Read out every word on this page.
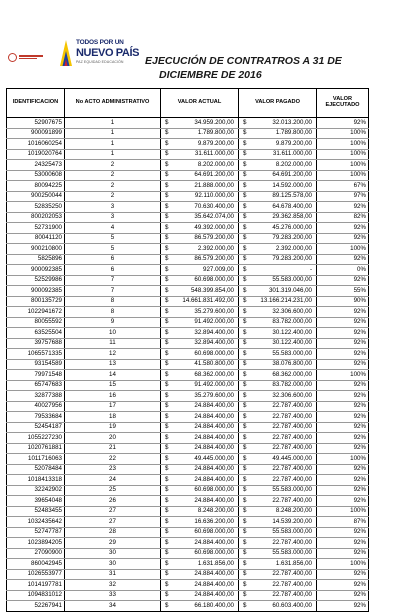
TODOS POR UN
NUEVO PAÍS
PAZ EQUIDAD EDUCACIÓN EJECUCIÓN DE CONTRATROS A 31 DE
DICIEMBRE DE 2016
IDENTIFICACION	No ACTO ADMINISTRATIVO	VALOR ACTUAL	VALOR PAGADO	VALOR EJECUTADO
52907675	1	$ 34.959.200,00	$ 32.013.200,00	92%
900091899	1	$ 1.789.800,00	$ 1.789.800,00	100%
1016060254	1	$ 9.879.200,00	$ 9.879.200,00	100%
1019020764	1	$ 31.611.000,00	$ 31.611.000,00	100%
24325473	2	$ 8.202.000,00	$ 8.202.000,00	100%
53000608	2	$ 64.691.200,00	$ 64.691.200,00	100%
80094225	2	$ 21.888.000,00	$ 14.592.000,00	67%
900250044	2	$ 92.110.000,00	$ 89.125.578,00	97%
52835250	3	$ 70.630.400,00	$ 64.678.400,00	92%
800202053	3	$ 35.642.074,00	$ 29.362.858,00	82%
52731900	4	$ 49.392.000,00	$ 45.276.000,00	92%
80041120	5	$ 86.579.200,00	$ 79.283.200,00	92%
900210800	5	$ 2.392.000,00	$ 2.392.000,00	100%
5825896	6	$ 86.579.200,00	$ 79.283.200,00	92%
900092385	6	$ 927.009,00	$ -	0%
52529986	7	$ 60.698.000,00	$ 55.583.000,00	92%
900092385	7	$ 548.399.854,00	$ 301.319.046,00	55%
800135729	8	$ 14.661.831.492,00	$ 13.166.214.231,00	90%
1022941672	8	$ 35.279.600,00	$ 32.306.600,00	92%
80055592	9	$ 91.492.000,00	$ 83.782.000,00	92%
63525504	10	$ 32.894.400,00	$ 30.122.400,00	92%
39757688	11	$ 32.894.400,00	$ 30.122.400,00	92%
1065571335	12	$ 60.698.000,00	$ 55.583.000,00	92%
93154589	13	$ 41.580.800,00	$ 38.076.800,00	92%
79971548	14	$ 68.362.000,00	$ 68.362.000,00	100%
65747683	15	$ 91.492.000,00	$ 83.782.000,00	92%
32877388	16	$ 35.279.600,00	$ 32.306.600,00	92%
40027956	17	$ 24.884.400,00	$ 22.787.400,00	92%
79533684	18	$ 24.884.400,00	$ 22.787.400,00	92%
52454187	19	$ 24.884.400,00	$ 22.787.400,00	92%
1055227230	20	$ 24.884.400,00	$ 22.787.400,00	92%
1020761881	21	$ 24.884.400,00	$ 22.787.400,00	92%
1011716063	22	$ 49.445.000,00	$ 49.445.000,00	100%
52078484	23	$ 24.884.400,00	$ 22.787.400,00	92%
1018413318	24	$ 24.884.400,00	$ 22.787.400,00	92%
32242902	25	$ 60.698.000,00	$ 55.583.000,00	92%
39654048	26	$ 24.884.400,00	$ 22.787.400,00	92%
52483455	27	$ 8.248.200,00	$ 8.248.200,00	100%
1032435642	27	$ 16.636.200,00	$ 14.539.200,00	87%
52747787	28	$ 60.698.000,00	$ 55.583.000,00	92%
1023894205	29	$ 24.884.400,00	$ 22.787.400,00	92%
27090900	30	$ 60.698.000,00	$ 55.583.000,00	92%
860042945	30	$ 1.631.856,00	$ 1.631.856,00	100%
1026553977	31	$ 24.884.400,00	$ 22.787.400,00	92%
1014197781	32	$ 24.884.400,00	$ 22.787.400,00	92%
1094831012	33	$ 24.884.400,00	$ 22.787.400,00	92%
52267941	34	$ 66.180.400,00	$ 60.603.400,00	92%
